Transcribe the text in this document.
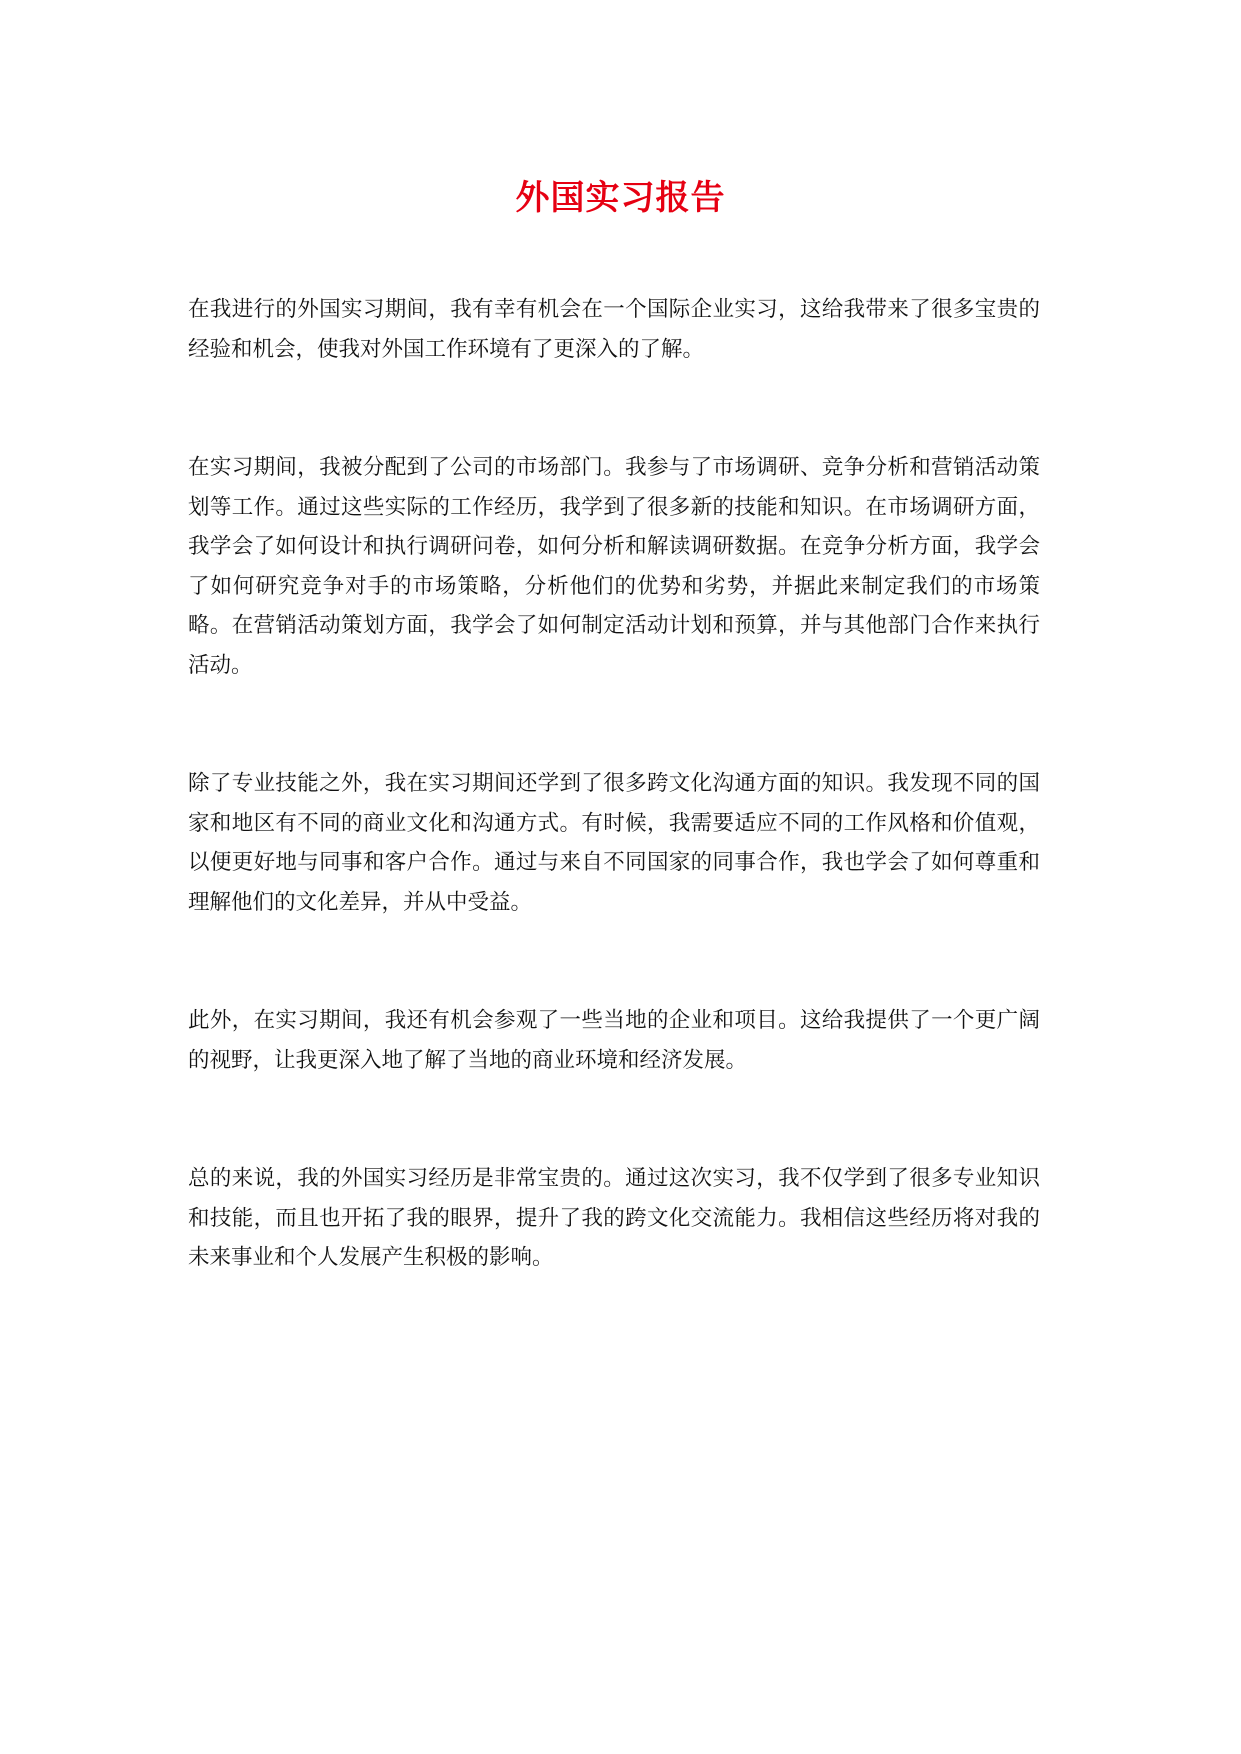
外国实习报告

在我进行的外国实习期间，我有幸有机会在一个国际企业实习，这给我带来了很多宝贵的经验和机会，使我对外国工作环境有了更深入的了解。

在实习期间，我被分配到了公司的市场部门。我参与了市场调研、竞争分析和营销活动策划等工作。通过这些实际的工作经历，我学到了很多新的技能和知识。在市场调研方面，我学会了如何设计和执行调研问卷，如何分析和解读调研数据。在竞争分析方面，我学会了如何研究竞争对手的市场策略，分析他们的优势和劣势，并据此来制定我们的市场策略。在营销活动策划方面，我学会了如何制定活动计划和预算，并与其他部门合作来执行活动。

除了专业技能之外，我在实习期间还学到了很多跨文化沟通方面的知识。我发现不同的国家和地区有不同的商业文化和沟通方式。有时候，我需要适应不同的工作风格和价值观，以便更好地与同事和客户合作。通过与来自不同国家的同事合作，我也学会了如何尊重和理解他们的文化差异，并从中受益。

此外，在实习期间，我还有机会参观了一些当地的企业和项目。这给我提供了一个更广阔的视野，让我更深入地了解了当地的商业环境和经济发展。

总的来说，我的外国实习经历是非常宝贵的。通过这次实习，我不仅学到了很多专业知识和技能，而且也开拓了我的眼界，提升了我的跨文化交流能力。我相信这些经历将对我的未来事业和个人发展产生积极的影响。
